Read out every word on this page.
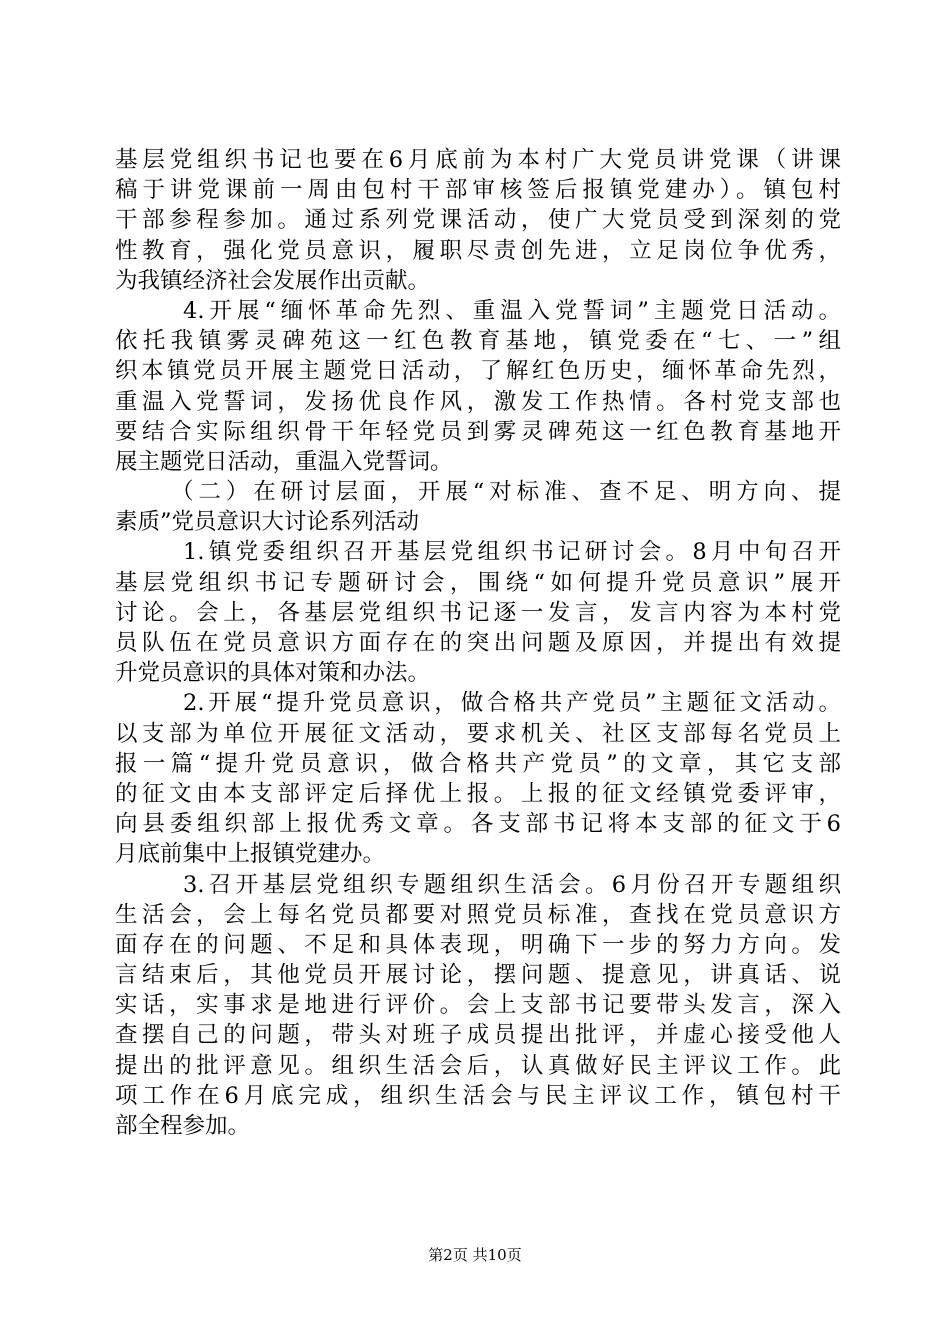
基层党组织书记也要在6月底前为本村广大党员讲党课（讲课
稿于讲党课前一周由包村干部审核签后报镇党建办）。镇包村
干部参程参加。通过系列党课活动，使广大党员受到深刻的党
性教育，强化党员意识，履职尽责创先进，立足岗位争优秀，
为我镇经济社会发展作出贡献。
4.开展“缅怀革命先烈、重温入党誓词”主题党日活动。
依托我镇雾灵碑苑这一红色教育基地，镇党委在“七、一”组
织本镇党员开展主题党日活动，了解红色历史，缅怀革命先烈，
重温入党誓词，发扬优良作风，激发工作热情。各村党支部也
要结合实际组织骨干年轻党员到雾灵碑苑这一红色教育基地开
展主题党日活动，重温入党誓词。
（二）在研讨层面，开展“对标准、查不足、明方向、提
素质”党员意识大讨论系列活动
1.镇党委组织召开基层党组织书记研讨会。8月中旬召开
基层党组织书记专题研讨会，围绕“如何提升党员意识”展开
讨论。会上，各基层党组织书记逐一发言，发言内容为本村党
员队伍在党员意识方面存在的突出问题及原因，并提出有效提
升党员意识的具体对策和办法。
2.开展“提升党员意识，做合格共产党员”主题征文活动。
以支部为单位开展征文活动，要求机关、社区支部每名党员上
报一篇“提升党员意识，做合格共产党员”的文章，其它支部
的征文由本支部评定后择优上报。上报的征文经镇党委评审，
向县委组织部上报优秀文章。各支部书记将本支部的征文于6
月底前集中上报镇党建办。
3.召开基层党组织专题组织生活会。6月份召开专题组织
生活会，会上每名党员都要对照党员标准，查找在党员意识方
面存在的问题、不足和具体表现，明确下一步的努力方向。发
言结束后，其他党员开展讨论，摆问题、提意见，讲真话、说
实话，实事求是地进行评价。会上支部书记要带头发言，深入
查摆自己的问题，带头对班子成员提出批评，并虚心接受他人
提出的批评意见。组织生活会后，认真做好民主评议工作。此
项工作在6月底完成，组织生活会与民主评议工作，镇包村干
部全程参加。
第2页 共10页
